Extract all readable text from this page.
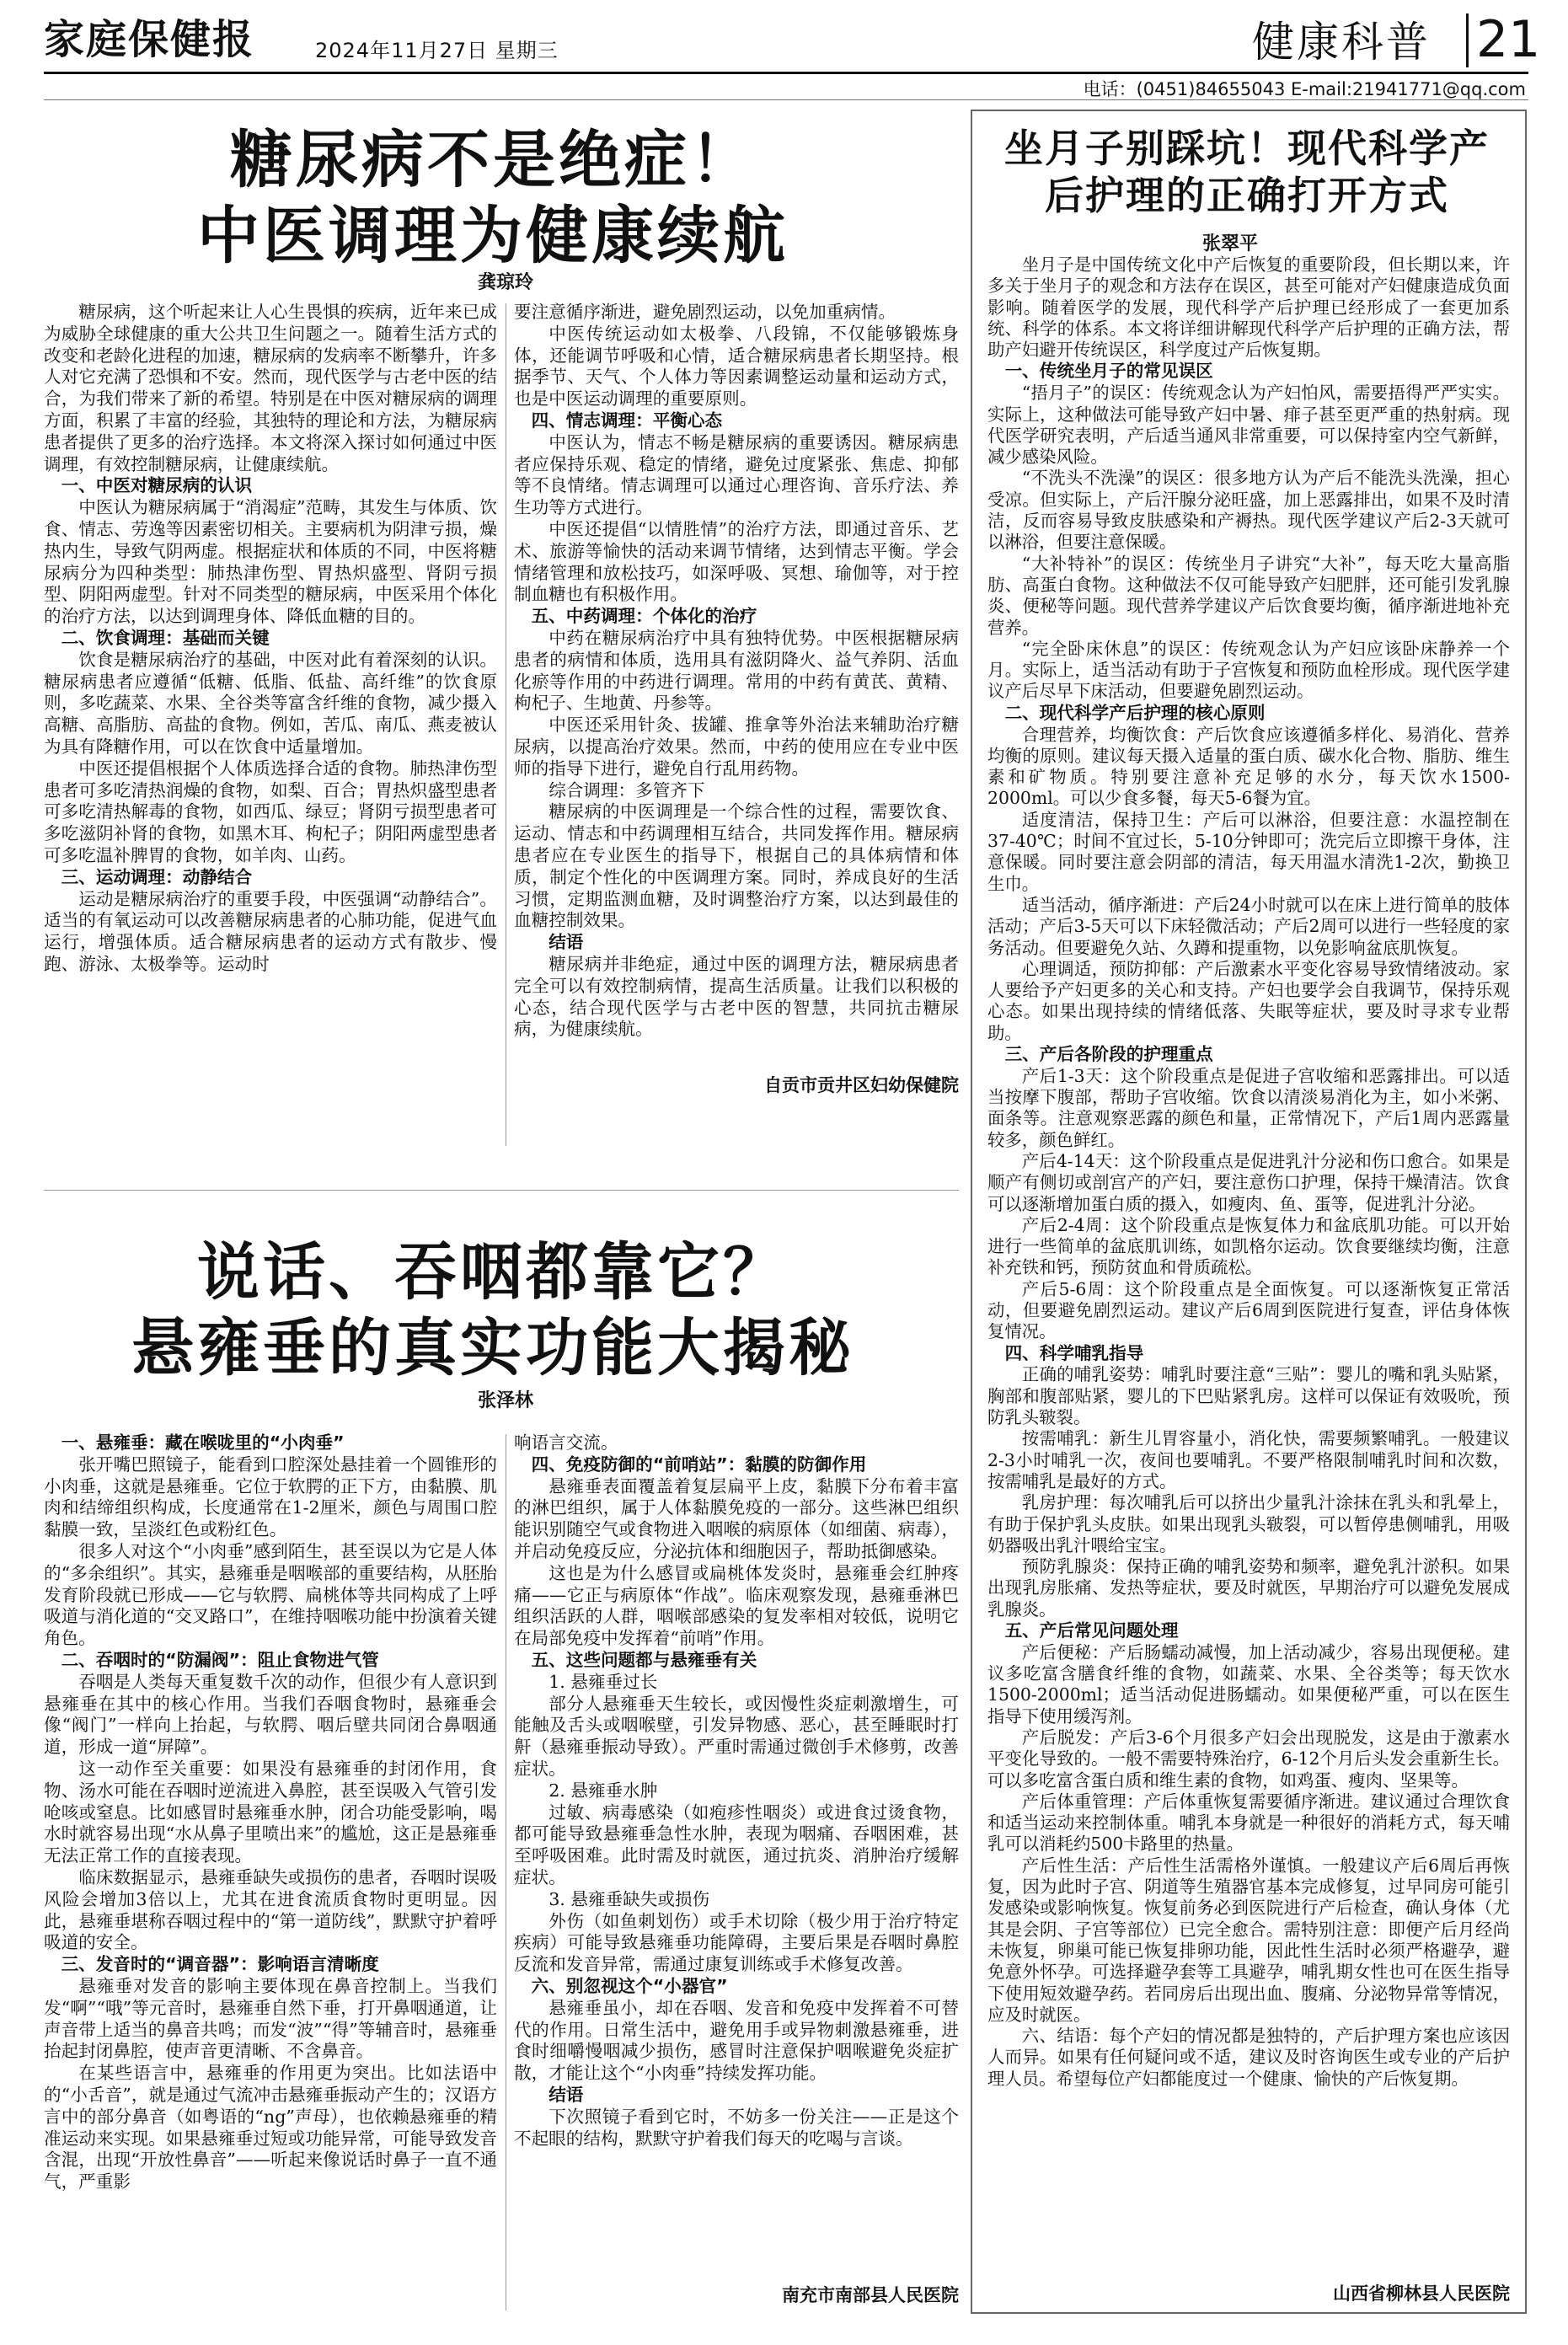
家庭保健报	2024年11月27日 星期三	健康科普 21
电话：(0451)84655043 E-mail:21941771@qq.com
糖尿病不是绝症！
中医调理为健康续航
龚琼玲

糖尿病，这个听起来让人心生畏惧的疾病，近年来已成为威胁全球健康的重大公共卫生问题之一。随着生活方式的改变和老龄化进程的加速，糖尿病的发病率不断攀升，许多人对它充满了恐惧和不安。然而，现代医学与古老中医的结合，为我们带来了新的希望。特别是在中医对糖尿病的调理方面，积累了丰富的经验，其独特的理论和方法，为糖尿病患者提供了更多的治疗选择。本文将深入探讨如何通过中医调理，有效控制糖尿病，让健康续航。

一、中医对糖尿病的认识

中医认为糖尿病属于“消渴症”范畴，其发生与体质、饮食、情志、劳逸等因素密切相关。主要病机为阴津亏损，燥热内生，导致气阴两虚。根据症状和体质的不同，中医将糖尿病分为四种类型：肺热津伤型、胃热炽盛型、肾阴亏损型、阴阳两虚型。针对不同类型的糖尿病，中医采用个体化的治疗方法，以达到调理身体、降低血糖的目的。

二、饮食调理：基础而关键

饮食是糖尿病治疗的基础，中医对此有着深刻的认识。糖尿病患者应遵循“低糖、低脂、低盐、高纤维”的饮食原则，多吃蔬菜、水果、全谷类等富含纤维的食物，减少摄入高糖、高脂肪、高盐的食物。例如，苦瓜、南瓜、燕麦被认为具有降糖作用，可以在饮食中适量增加。

中医还提倡根据个人体质选择合适的食物。肺热津伤型患者可多吃清热润燥的食物，如梨、百合；胃热炽盛型患者可多吃清热解毒的食物，如西瓜、绿豆；肾阴亏损型患者可多吃滋阴补肾的食物，如黑木耳、枸杞子；阴阳两虚型患者可多吃温补脾胃的食物，如羊肉、山药。

三、运动调理：动静结合

运动是糖尿病治疗的重要手段，中医强调“动静结合”。适当的有氧运动可以改善糖尿病患者的心肺功能，促进气血运行，增强体质。适合糖尿病患者的运动方式有散步、慢跑、游泳、太极拳等。运动时

要注意循序渐进，避免剧烈运动，以免加重病情。

中医传统运动如太极拳、八段锦，不仅能够锻炼身体，还能调节呼吸和心情，适合糖尿病患者长期坚持。根据季节、天气、个人体力等因素调整运动量和运动方式，也是中医运动调理的重要原则。

四、情志调理：平衡心态

中医认为，情志不畅是糖尿病的重要诱因。糖尿病患者应保持乐观、稳定的情绪，避免过度紧张、焦虑、抑郁等不良情绪。情志调理可以通过心理咨询、音乐疗法、养生功等方式进行。

中医还提倡“以情胜情”的治疗方法，即通过音乐、艺术、旅游等愉快的活动来调节情绪，达到情志平衡。学会情绪管理和放松技巧，如深呼吸、冥想、瑜伽等，对于控制血糖也有积极作用。

五、中药调理：个体化的治疗

中药在糖尿病治疗中具有独特优势。中医根据糖尿病患者的病情和体质，选用具有滋阴降火、益气养阴、活血化瘀等作用的中药进行调理。常用的中药有黄芪、黄精、枸杞子、生地黄、丹参等。

中医还采用针灸、拔罐、推拿等外治法来辅助治疗糖尿病，以提高治疗效果。然而，中药的使用应在专业中医师的指导下进行，避免自行乱用药物。

综合调理：多管齐下

糖尿病的中医调理是一个综合性的过程，需要饮食、运动、情志和中药调理相互结合，共同发挥作用。糖尿病患者应在专业医生的指导下，根据自己的具体病情和体质，制定个性化的中医调理方案。同时，养成良好的生活习惯，定期监测血糖，及时调整治疗方案，以达到最佳的血糖控制效果。

结语

糖尿病并非绝症，通过中医的调理方法，糖尿病患者完全可以有效控制病情，提高生活质量。让我们以积极的心态，结合现代医学与古老中医的智慧，共同抗击糖尿病，为健康续航。

自贡市贡井区妇幼保健院
说话、吞咽都靠它？
悬雍垂的真实功能大揭秘
张泽林
一、悬雍垂：藏在喉咙里的“小肉垂”

张开嘴巴照镜子，能看到口腔深处悬挂着一个圆锥形的小肉垂，这就是悬雍垂。它位于软腭的正下方，由黏膜、肌肉和结缔组织构成，长度通常在1-2厘米，颜色与周围口腔黏膜一致，呈淡红色或粉红色。

很多人对这个“小肉垂”感到陌生，甚至误以为它是人体的“多余组织”。其实，悬雍垂是咽喉部的重要结构，从胚胎发育阶段就已形成——它与软腭、扁桃体等共同构成了上呼吸道与消化道的“交叉路口”，在维持咽喉功能中扮演着关键角色。

二、吞咽时的“防漏阀”：阻止食物进气管

吞咽是人类每天重复数千次的动作，但很少有人意识到悬雍垂在其中的核心作用。当我们吞咽食物时，悬雍垂会像“阀门”一样向上抬起，与软腭、咽后壁共同闭合鼻咽通道，形成一道“屏障”。

这一动作至关重要：如果没有悬雍垂的封闭作用，食物、汤水可能在吞咽时逆流进入鼻腔，甚至误吸入气管引发呛咳或窒息。比如感冒时悬雍垂水肿，闭合功能受影响，喝水时就容易出现“水从鼻子里喷出来”的尴尬，这正是悬雍垂无法正常工作的直接表现。

临床数据显示，悬雍垂缺失或损伤的患者，吞咽时误吸风险会增加3倍以上，尤其在进食流质食物时更明显。因此，悬雍垂堪称吞咽过程中的“第一道防线”，默默守护着呼吸道的安全。

三、发音时的“调音器”：影响语言清晰度

悬雍垂对发音的影响主要体现在鼻音控制上。当我们发“啊”“哦”等元音时，悬雍垂自然下垂，打开鼻咽通道，让声音带上适当的鼻音共鸣；而发“波”“得”等辅音时，悬雍垂抬起封闭鼻腔，使声音更清晰、不含鼻音。

在某些语言中，悬雍垂的作用更为突出。比如法语中的“小舌音”，就是通过气流冲击悬雍垂振动产生的；汉语方言中的部分鼻音（如粤语的“ng”声母），也依赖悬雍垂的精准运动来实现。如果悬雍垂过短或功能异常，可能导致发音含混，出现“开放性鼻音”——听起来像说话时鼻子一直不通气，严重影

响语言交流。

四、免疫防御的“前哨站”：黏膜的防御作用

悬雍垂表面覆盖着复层扁平上皮，黏膜下分布着丰富的淋巴组织，属于人体黏膜免疫的一部分。这些淋巴组织能识别随空气或食物进入咽喉的病原体（如细菌、病毒），并启动免疫反应，分泌抗体和细胞因子，帮助抵御感染。

这也是为什么感冒或扁桃体发炎时，悬雍垂会红肿疼痛——它正与病原体“作战”。临床观察发现，悬雍垂淋巴组织活跃的人群，咽喉部感染的复发率相对较低，说明它在局部免疫中发挥着“前哨”作用。

五、这些问题都与悬雍垂有关

1. 悬雍垂过长

部分人悬雍垂天生较长，或因慢性炎症刺激增生，可能触及舌头或咽喉壁，引发异物感、恶心，甚至睡眠时打鼾（悬雍垂振动导致）。严重时需通过微创手术修剪，改善症状。

2. 悬雍垂水肿

过敏、病毒感染（如疱疹性咽炎）或进食过烫食物，都可能导致悬雍垂急性水肿，表现为咽痛、吞咽困难，甚至呼吸困难。此时需及时就医，通过抗炎、消肿治疗缓解症状。

3. 悬雍垂缺失或损伤

外伤（如鱼刺划伤）或手术切除（极少用于治疗特定疾病）可能导致悬雍垂功能障碍，主要后果是吞咽时鼻腔反流和发音异常，需通过康复训练或手术修复改善。

六、别忽视这个“小器官”

悬雍垂虽小，却在吞咽、发音和免疫中发挥着不可替代的作用。日常生活中，避免用手或异物刺激悬雍垂，进食时细嚼慢咽减少损伤，感冒时注意保护咽喉避免炎症扩散，才能让这个“小肉垂”持续发挥功能。

结语

下次照镜子看到它时，不妨多一份关注——正是这个不起眼的结构，默默守护着我们每天的吃喝与言谈。

南充市南部县人民医院
坐月子别踩坑！现代科学产
后护理的正确打开方式
张翠平

坐月子是中国传统文化中产后恢复的重要阶段，但长期以来，许多关于坐月子的观念和方法存在误区，甚至可能对产妇健康造成负面影响。随着医学的发展，现代科学产后护理已经形成了一套更加系统、科学的体系。本文将详细讲解现代科学产后护理的正确方法，帮助产妇避开传统误区，科学度过产后恢复期。

一、传统坐月子的常见误区

“捂月子”的误区：传统观念认为产妇怕风，需要捂得严严实实。实际上，这种做法可能导致产妇中暑、痱子甚至更严重的热射病。现代医学研究表明，产后适当通风非常重要，可以保持室内空气新鲜，减少感染风险。

“不洗头不洗澡”的误区：很多地方认为产后不能洗头洗澡，担心受凉。但实际上，产后汗腺分泌旺盛，加上恶露排出，如果不及时清洁，反而容易导致皮肤感染和产褥热。现代医学建议产后2-3天就可以淋浴，但要注意保暖。

“大补特补”的误区：传统坐月子讲究“大补”，每天吃大量高脂肪、高蛋白食物。这种做法不仅可能导致产妇肥胖，还可能引发乳腺炎、便秘等问题。现代营养学建议产后饮食要均衡，循序渐进地补充营养。

“完全卧床休息”的误区：传统观念认为产妇应该卧床静养一个月。实际上，适当活动有助于子宫恢复和预防血栓形成。现代医学建议产后尽早下床活动，但要避免剧烈运动。

二、现代科学产后护理的核心原则

合理营养，均衡饮食：产后饮食应该遵循多样化、易消化、营养均衡的原则。建议每天摄入适量的蛋白质、碳水化合物、脂肪、维生素和矿物质。特别要注意补充足够的水分，每天饮水1500-2000ml。可以少食多餐，每天5-6餐为宜。

适度清洁，保持卫生：产后可以淋浴，但要注意：水温控制在37-40℃；时间不宜过长，5-10分钟即可；洗完后立即擦干身体，注意保暖。同时要注意会阴部的清洁，每天用温水清洗1-2次，勤换卫生巾。

适当活动，循序渐进：产后24小时就可以在床上进行简单的肢体活动；产后3-5天可以下床轻微活动；产后2周可以进行一些轻度的家务活动。但要避免久站、久蹲和提重物，以免影响盆底肌恢复。

心理调适，预防抑郁：产后激素水平变化容易导致情绪波动。家人要给予产妇更多的关心和支持。产妇也要学会自我调节，保持乐观心态。如果出现持续的情绪低落、失眠等症状，要及时寻求专业帮助。

三、产后各阶段的护理重点

产后1-3天：这个阶段重点是促进子宫收缩和恶露排出。可以适当按摩下腹部，帮助子宫收缩。饮食以清淡易消化为主，如小米粥、面条等。注意观察恶露的颜色和量，正常情况下，产后1周内恶露量较多，颜色鲜红。

产后4-14天：这个阶段重点是促进乳汁分泌和伤口愈合。如果是顺产有侧切或剖宫产的产妇，要注意伤口护理，保持干燥清洁。饮食可以逐渐增加蛋白质的摄入，如瘦肉、鱼、蛋等，促进乳汁分泌。

产后2-4周：这个阶段重点是恢复体力和盆底肌功能。可以开始进行一些简单的盆底肌训练，如凯格尔运动。饮食要继续均衡，注意补充铁和钙，预防贫血和骨质疏松。

产后5-6周：这个阶段重点是全面恢复。可以逐渐恢复正常活动，但要避免剧烈运动。建议产后6周到医院进行复查，评估身体恢复情况。

四、科学哺乳指导

正确的哺乳姿势：哺乳时要注意“三贴”：婴儿的嘴和乳头贴紧，胸部和腹部贴紧，婴儿的下巴贴紧乳房。这样可以保证有效吸吮，预防乳头皲裂。

按需哺乳：新生儿胃容量小，消化快，需要频繁哺乳。一般建议2-3小时哺乳一次，夜间也要哺乳。不要严格限制哺乳时间和次数，按需哺乳是最好的方式。

乳房护理：每次哺乳后可以挤出少量乳汁涂抹在乳头和乳晕上，有助于保护乳头皮肤。如果出现乳头皲裂，可以暂停患侧哺乳，用吸奶器吸出乳汁喂给宝宝。

预防乳腺炎：保持正确的哺乳姿势和频率，避免乳汁淤积。如果出现乳房胀痛、发热等症状，要及时就医，早期治疗可以避免发展成乳腺炎。

五、产后常见问题处理

产后便秘：产后肠蠕动减慢，加上活动减少，容易出现便秘。建议多吃富含膳食纤维的食物，如蔬菜、水果、全谷类等；每天饮水1500-2000ml；适当活动促进肠蠕动。如果便秘严重，可以在医生指导下使用缓泻剂。

产后脱发：产后3-6个月很多产妇会出现脱发，这是由于激素水平变化导致的。一般不需要特殊治疗，6-12个月后头发会重新生长。可以多吃富含蛋白质和维生素的食物，如鸡蛋、瘦肉、坚果等。

产后体重管理：产后体重恢复需要循序渐进。建议通过合理饮食和适当运动来控制体重。哺乳本身就是一种很好的消耗方式，每天哺乳可以消耗约500卡路里的热量。

产后性生活：产后性生活需格外谨慎。一般建议产后6周后再恢复，因为此时子宫、阴道等生殖器官基本完成修复，过早同房可能引发感染或影响恢复。恢复前务必到医院进行产后检查，确认身体（尤其是会阴、子宫等部位）已完全愈合。需特别注意：即便产后月经尚未恢复，卵巢可能已恢复排卵功能，因此性生活时必须严格避孕，避免意外怀孕。可选择避孕套等工具避孕，哺乳期女性也可在医生指导下使用短效避孕药。若同房后出现出血、腹痛、分泌物异常等情况，应及时就医。

六、结语：每个产妇的情况都是独特的，产后护理方案也应该因人而异。如果有任何疑问或不适，建议及时咨询医生或专业的产后护理人员。希望每位产妇都能度过一个健康、愉快的产后恢复期。

山西省柳林县人民医院
